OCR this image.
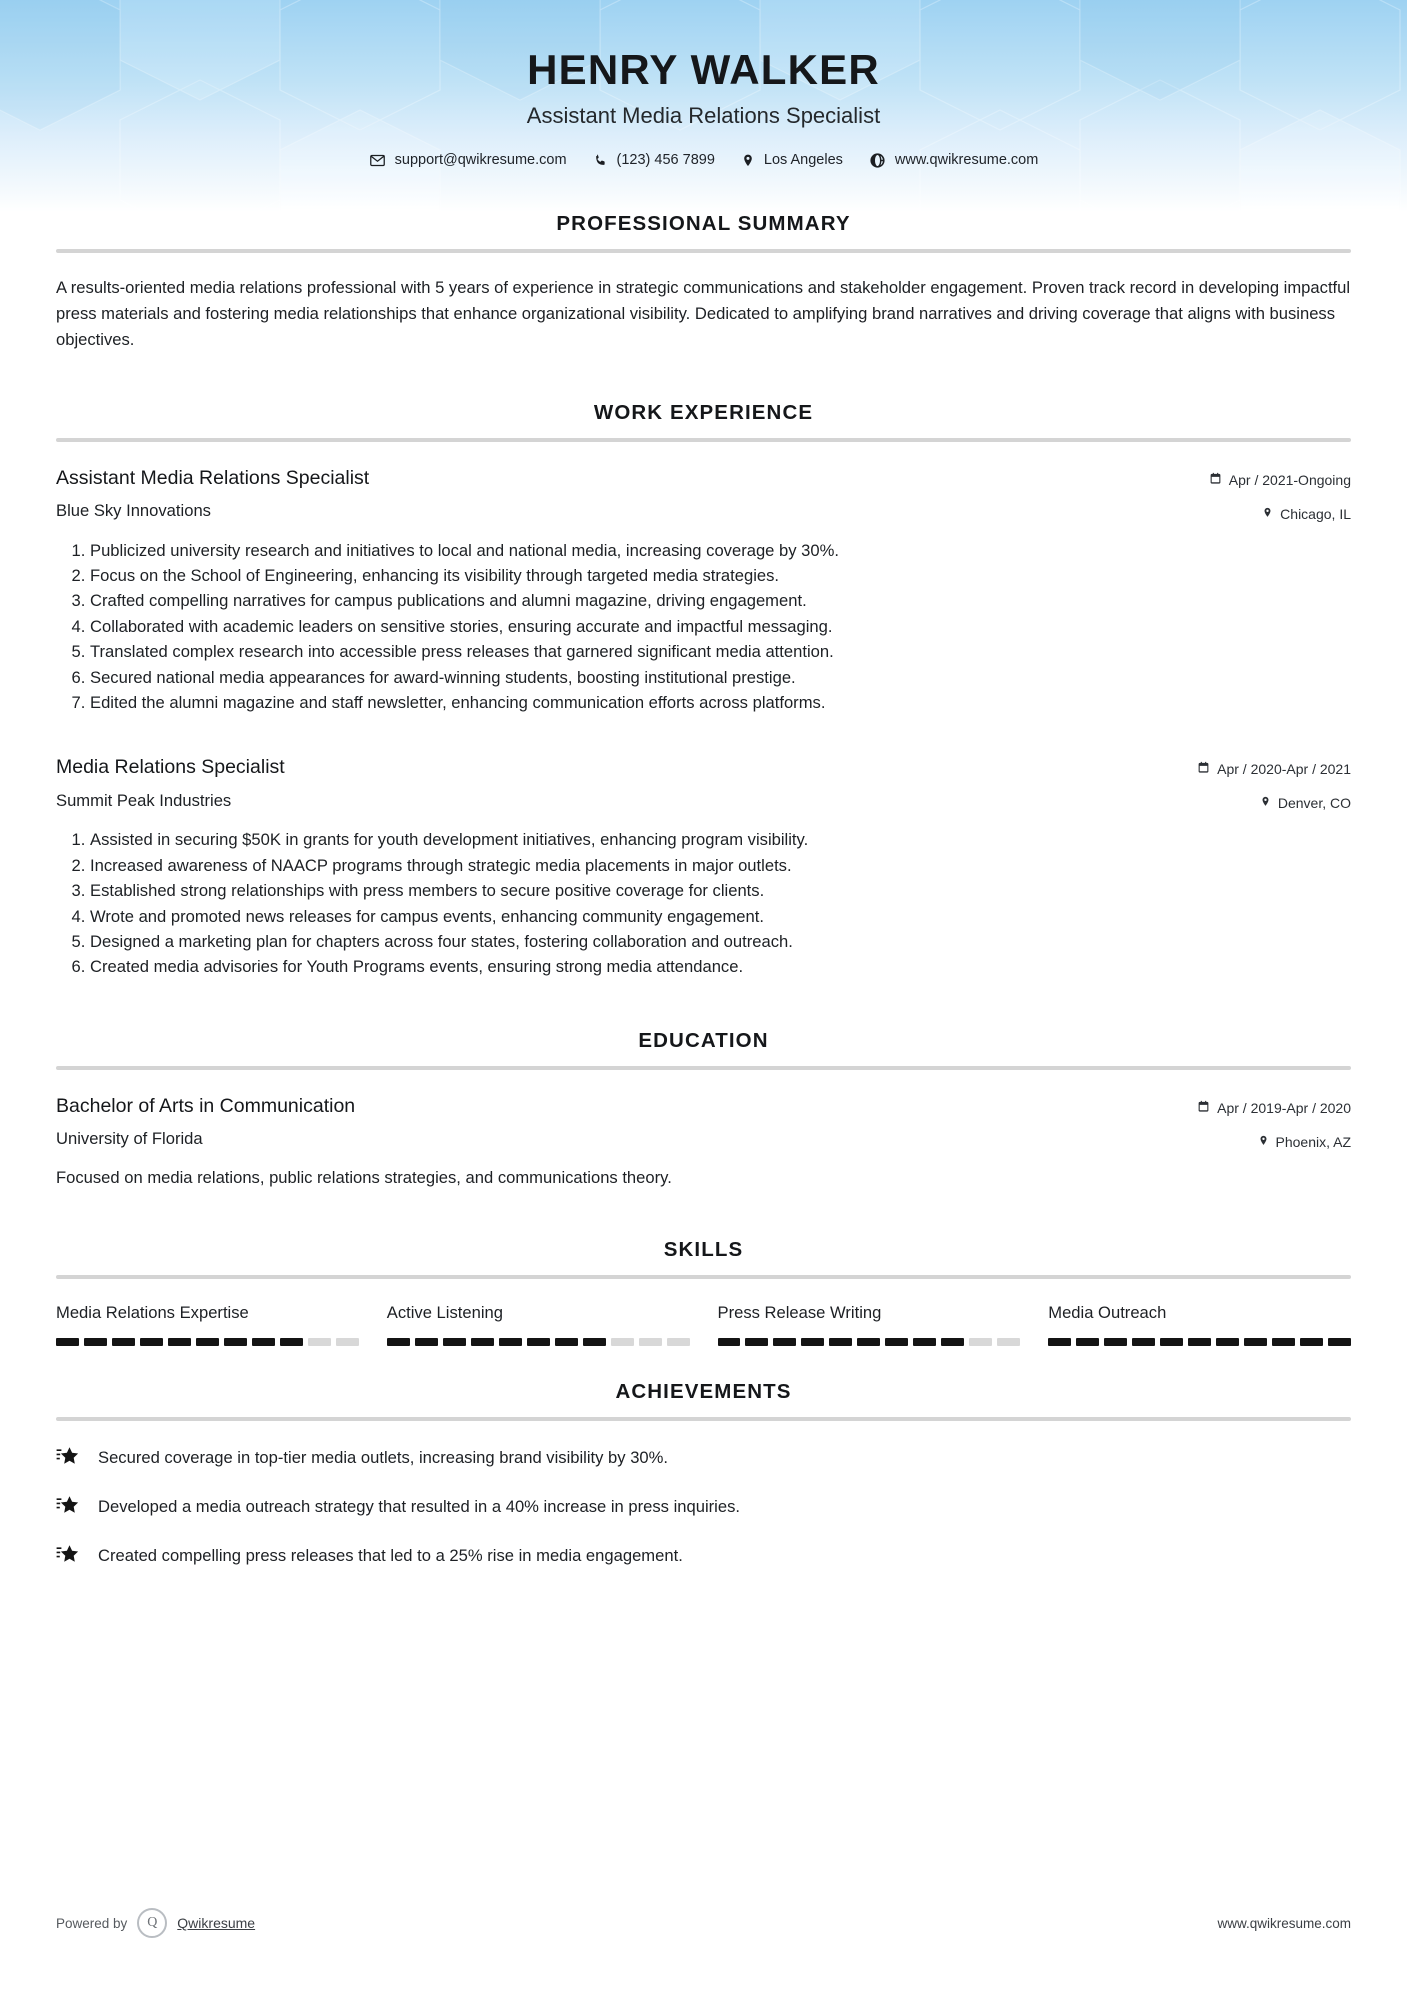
HENRY WALKER
Assistant Media Relations Specialist
support@qwikresume.com	(123) 456 7899	Los Angeles	www.qwikresume.com
PROFESSIONAL SUMMARY

A results-oriented media relations professional with 5 years of experience in strategic communications and stakeholder engagement. Proven track record in developing impactful press materials and fostering media relationships that enhance organizational visibility. Dedicated to amplifying brand narratives and driving coverage that aligns with business objectives.

WORK EXPERIENCE
Assistant Media Relations Specialist
Blue Sky Innovations
Apr / 2021-Ongoing
Chicago, IL
1. Publicized university research and initiatives to local and national media, increasing coverage by 30%.
2. Focus on the School of Engineering, enhancing its visibility through targeted media strategies.
3. Crafted compelling narratives for campus publications and alumni magazine, driving engagement.
4. Collaborated with academic leaders on sensitive stories, ensuring accurate and impactful messaging.
5. Translated complex research into accessible press releases that garnered significant media attention.
6. Secured national media appearances for award-winning students, boosting institutional prestige.
7. Edited the alumni magazine and staff newsletter, enhancing communication efforts across platforms.
Media Relations Specialist
Summit Peak Industries
Apr / 2020-Apr / 2021
Denver, CO
1. Assisted in securing $50K in grants for youth development initiatives, enhancing program visibility.
2. Increased awareness of NAACP programs through strategic media placements in major outlets.
3. Established strong relationships with press members to secure positive coverage for clients.
4. Wrote and promoted news releases for campus events, enhancing community engagement.
5. Designed a marketing plan for chapters across four states, fostering collaboration and outreach.
6. Created media advisories for Youth Programs events, ensuring strong media attendance.
EDUCATION
Bachelor of Arts in Communication
University of Florida
Apr / 2019-Apr / 2020
Phoenix, AZ

Focused on media relations, public relations strategies, and communications theory.

SKILLS
Media Relations Expertise	Active Listening	Press Release Writing	Media Outreach
ACHIEVEMENTS
Secured coverage in top-tier media outlets, increasing brand visibility by 30%.
Developed a media outreach strategy that resulted in a 40% increase in press inquiries.
Created compelling press releases that led to a 25% rise in media engagement.
Powered by	Q	Qwikresume	www.qwikresume.com
